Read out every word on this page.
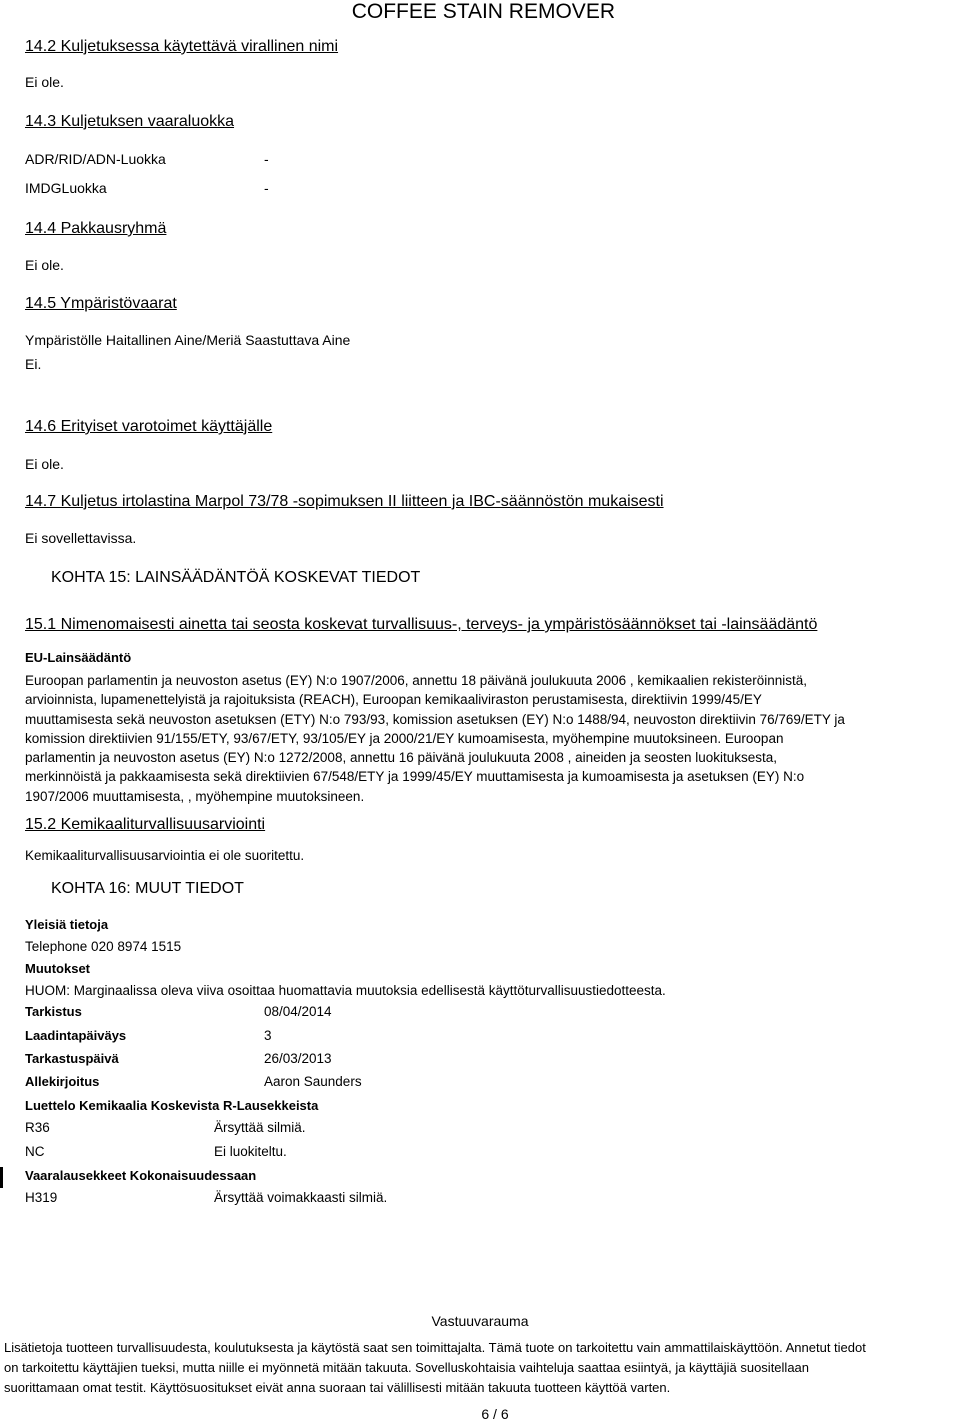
COFFEE STAIN REMOVER
14.2 Kuljetuksessa käytettävä virallinen nimi
Ei ole.
14.3 Kuljetuksen vaaraluokka
ADR/RID/ADN-Luokka	-
IMDGLuokka	-
14.4 Pakkausryhmä
Ei ole.
14.5 Ympäristövaarat
Ympäristölle Haitallinen Aine/Meriä Saastuttava Aine
Ei.
14.6 Erityiset varotoimet käyttäjälle
Ei ole.
14.7 Kuljetus irtolastina Marpol 73/78 -sopimuksen II liitteen ja IBC-säännöstön mukaisesti
Ei sovellettavissa.
KOHTA 15: LAINSÄÄDÄNTÖÄ KOSKEVAT TIEDOT
15.1 Nimenomaisesti ainetta tai seosta koskevat turvallisuus-, terveys- ja ympäristösäännökset tai -lainsäädäntö
EU-Lainsäädäntö
Euroopan parlamentin ja neuvoston asetus (EY) N:o 1907/2006, annettu 18 päivänä joulukuuta 2006 , kemikaalien rekisteröinnistä,
arvioinnista, lupamenettelyistä ja rajoituksista (REACH), Euroopan kemikaaliviraston perustamisesta, direktiivin 1999/45/EY
muuttamisesta sekä neuvoston asetuksen (ETY) N:o 793/93, komission asetuksen (EY) N:o 1488/94, neuvoston direktiivin 76/769/ETY ja
komission direktiivien 91/155/ETY, 93/67/ETY, 93/105/EY ja 2000/21/EY kumoamisesta, myöhempine muutoksineen. Euroopan
parlamentin ja neuvoston asetus (EY) N:o 1272/2008, annettu 16 päivänä joulukuuta 2008 , aineiden ja seosten luokituksesta,
merkinnöistä ja pakkaamisesta sekä direktiivien 67/548/ETY ja 1999/45/EY muuttamisesta ja kumoamisesta ja asetuksen (EY) N:o
1907/2006 muuttamisesta, , myöhempine muutoksineen.
15.2 Kemikaaliturvallisuusarviointi
Kemikaaliturvallisuusarviointia ei ole suoritettu.
KOHTA 16: MUUT TIEDOT
Yleisiä tietoja
Telephone 020 8974 1515
Muutokset
HUOM: Marginaalissa oleva viiva osoittaa huomattavia muutoksia edellisestä käyttöturvallisuustiedotteesta.
Tarkistus	08/04/2014
Laadintapäiväys	3
Tarkastuspäivä	26/03/2013
Allekirjoitus	Aaron Saunders
Luettelo Kemikaalia Koskevista R-Lausekkeista
R36	Ärsyttää silmiä.
NC	Ei luokiteltu.
Vaaralausekkeet Kokonaisuudessaan
H319	Ärsyttää voimakkaasti silmiä.
Vastuuvarauma
Lisätietoja tuotteen turvallisuudesta, koulutuksesta ja käytöstä saat sen toimittajalta. Tämä tuote on tarkoitettu vain ammattilaiskäyttöön. Annetut tiedot
on tarkoitettu käyttäjien tueksi, mutta niille ei myönnetä mitään takuuta. Sovelluskohtaisia vaihteluja saattaa esiintyä, ja käyttäjiä suositellaan
suorittamaan omat testit. Käyttösuositukset eivät anna suoraan tai välillisesti mitään takuuta tuotteen käyttöä varten.
6 / 6
